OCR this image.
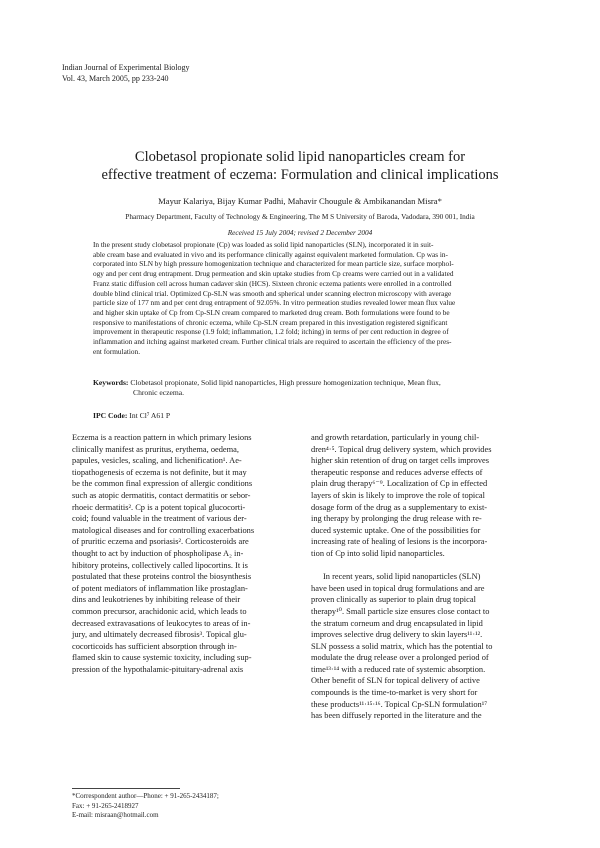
Indian Journal of Experimental Biology
Vol. 43, March 2005, pp 233-240
Clobetasol propionate solid lipid nanoparticles cream for
effective treatment of eczema: Formulation and clinical implications
Mayur Kalariya, Bijay Kumar Padhi, Mahavir Chougule & Ambikanandan Misra*
Pharmacy Department, Faculty of Technology & Engineering, The M S University of Baroda, Vadodara, 390 001, India
Received 15 July 2004; revised 2 December 2004
In the present study clobetasol propionate (Cp) was loaded as solid lipid nanoparticles (SLN), incorporated it in suit-
able cream base and evaluated in vivo and its performance clinically against equivalent marketed formulation. Cp was in-
corporated into SLN by high pressure homogenization technique and characterized for mean particle size, surface morphol-
ogy and per cent drug entrapment. Drug permeation and skin uptake studies from Cp creams were carried out in a validated
Franz static diffusion cell across human cadaver skin (HCS). Sixteen chronic eczema patients were enrolled in a controlled
double blind clinical trial. Optimized Cp-SLN was smooth and spherical under scanning electron microscopy with average
particle size of 177 nm and per cent drug entrapment of 92.05%. In vitro permeation studies revealed lower mean flux value
and higher skin uptake of Cp from Cp-SLN cream compared to marketed drug cream. Both formulations were found to be
responsive to manifestations of chronic eczema, while Cp-SLN cream prepared in this investigation registered significant
improvement in therapeutic response (1.9 fold; inflammation, 1.2 fold; itching) in terms of per cent reduction in degree of
inflammation and itching against marketed cream. Further clinical trials are required to ascertain the efficiency of the pres-
ent formulation.
Keywords: Clobetasol propionate, Solid lipid nanoparticles, High pressure homogenization technique, Mean flux,
Chronic eczema.
IPC Code: Int Cl⁷ A61 P
Eczema is a reaction pattern in which primary lesions
clinically manifest as pruritus, erythema, oedema,
papules, vesicles, scaling, and lichenification¹. Ae-
tiopathogenesis of eczema is not definite, but it may
be the common final expression of allergic conditions
such as atopic dermatitis, contact dermatitis or sebor-
rhoeic dermatitis². Cp is a potent topical glucocorti-
coid; found valuable in the treatment of various der-
matological diseases and for controlling exacerbations
of pruritic eczema and psoriasis². Corticosteroids are
thought to act by induction of phospholipase A₂ in-
hibitory proteins, collectively called lipocortins. It is
postulated that these proteins control the biosynthesis
of potent mediators of inflammation like prostaglan-
dins and leukotrienes by inhibiting release of their
common precursor, arachidonic acid, which leads to
decreased extravasations of leukocytes to areas of in-
jury, and ultimately decreased fibrosis³. Topical glu-
cocorticoids has sufficient absorption through in-
flamed skin to cause systemic toxicity, including sup-
pression of the hypothalamic-pituitary-adrenal axis
and growth retardation, particularly in young chil-
dren⁴·⁵. Topical drug delivery system, which provides
higher skin retention of drug on target cells improves
therapeutic response and reduces adverse effects of
plain drug therapy⁶⁻⁹. Localization of Cp in effected
layers of skin is likely to improve the role of topical
dosage form of the drug as a supplementary to exist-
ing therapy by prolonging the drug release with re-
duced systemic uptake. One of the possibilities for
increasing rate of healing of lesions is the incorpora-
tion of Cp into solid lipid nanoparticles.
In recent years, solid lipid nanoparticles (SLN)
have been used in topical drug formulations and are
proven clinically as superior to plain drug topical
therapy¹⁰. Small particle size ensures close contact to
the stratum corneum and drug encapsulated in lipid
improves selective drug delivery to skin layers¹¹·¹².
SLN possess a solid matrix, which has the potential to
modulate the drug release over a prolonged period of
time¹³·¹⁴ with a reduced rate of systemic absorption.
Other benefit of SLN for topical delivery of active
compounds is the time-to-market is very short for
these products¹¹·¹⁵·¹⁶. Topical Cp-SLN formulation¹⁷
has been diffusely reported in the literature and the
*Correspondent author—Phone: + 91-265-2434187;
Fax: + 91-265-2418927
E-mail: misraan@hotmail.com
